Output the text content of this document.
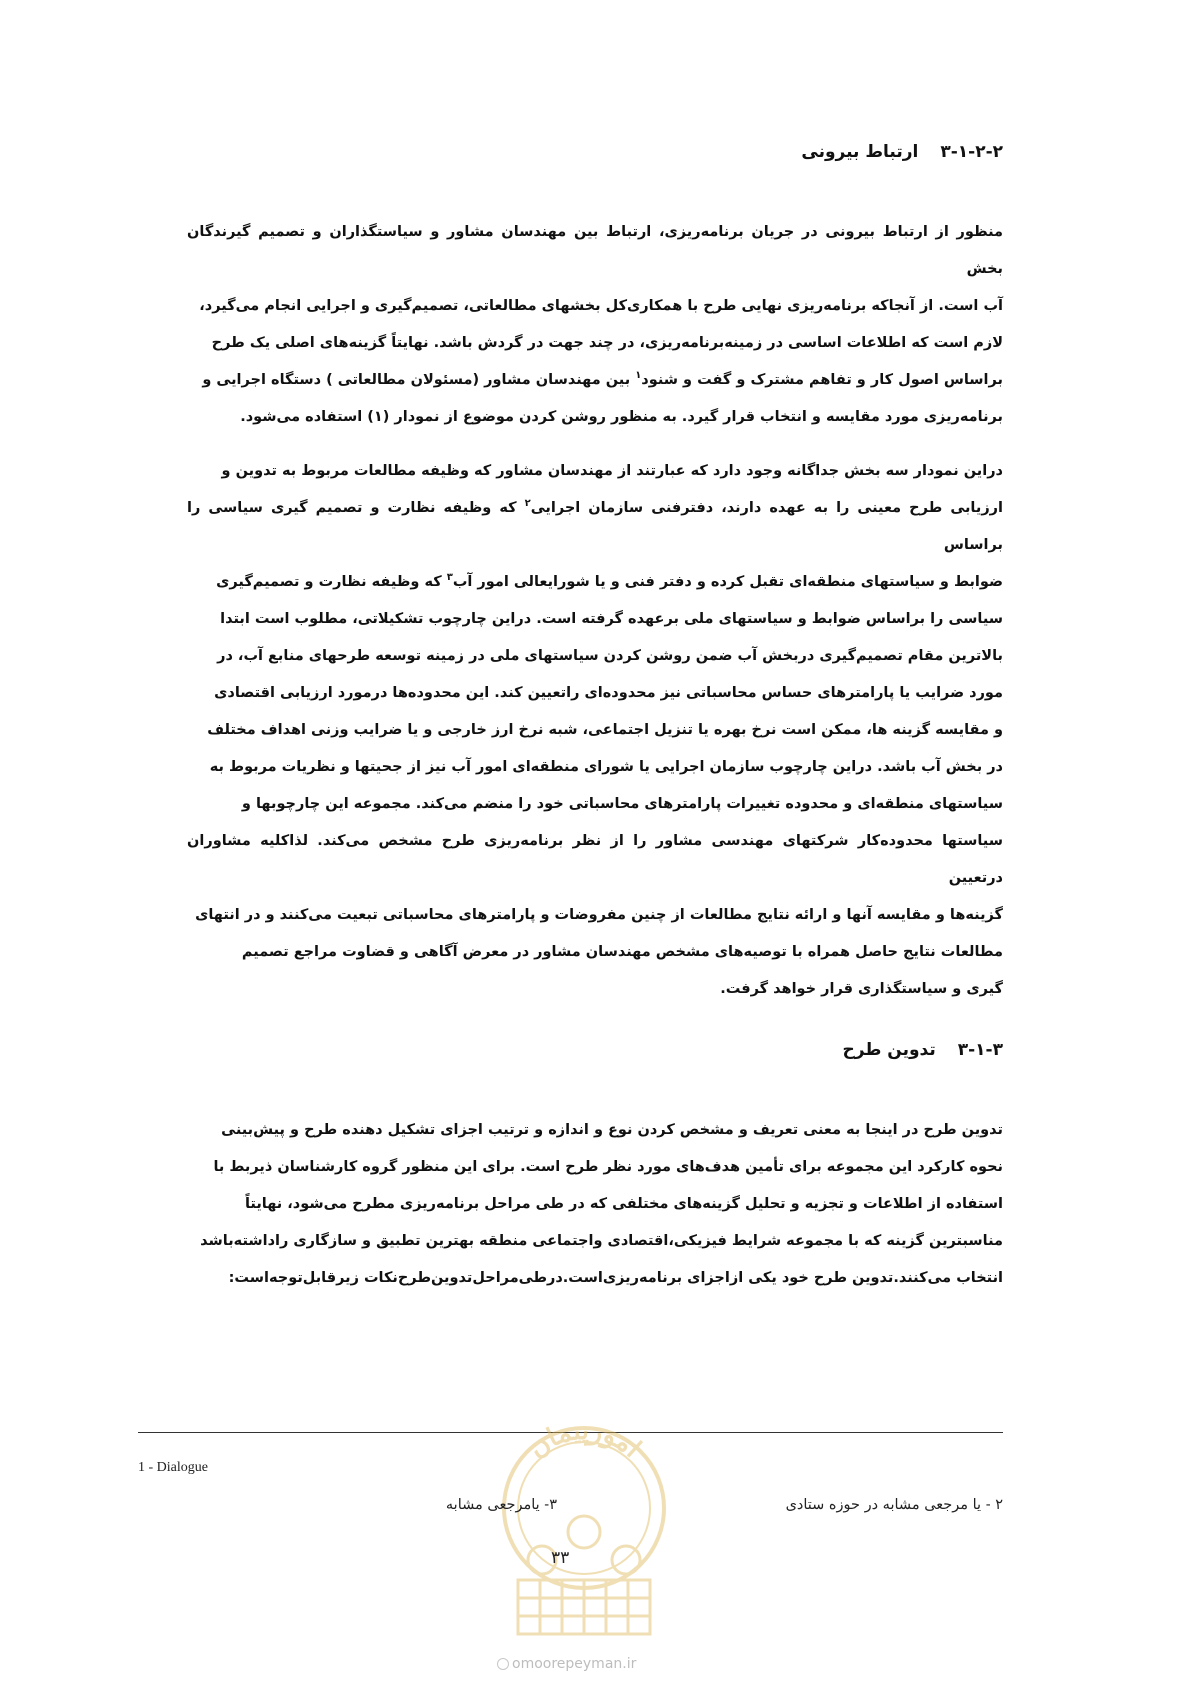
۳-۱-۲-۲ارتباط بیرونی
منظور از ارتباط بیرونی در جریان برنامه‌ریزی، ارتباط بین مهندسان مشاور و سیاستگذاران و تصمیم گیرندگان بخش
آب است. از آنجاکه برنامه‌ریزی نهایی طرح با همکاری‌کل بخشهای مطالعاتی، تصمیم‌گیری و اجرایی انجام می‌گیرد،
لازم است که اطلاعات اساسی در زمینه‌برنامه‌ریزی، در چند جهت در گردش باشد. نهایتاً گزینه‌های اصلی یک طرح
براساس اصول کار و تفاهم مشترک و گفت و شنود$^۱$ بین مهندسان مشاور (مسئولان مطالعاتی ) دستگاه اجرایی و
برنامه‌ریزی مورد مقایسه و انتخاب قرار گیرد. به منظور روشن کردن موضوع از نمودار (۱) استفاده می‌شود.
دراین نمودار سه بخش جداگانه وجود دارد که عبارتند از مهندسان مشاور که وظیفه مطالعات مربوط به تدوین و
ارزیابی طرح معینی را به عهده دارند، دفترفنی سازمان اجرایی$^۲$ که وظیفه نظارت و تصمیم گیری سیاسی را براساس
ضوابط و سیاستهای منطقه‌ای تقبل کرده و دفتر فنی و یا شورایعالی امور آب$^۳$ که وظیفه نظارت و تصمیم‌گیری
سیاسی را براساس ضوابط و سیاستهای ملی برعهده گرفته است. دراین چارچوب تشکیلاتی، مطلوب است ابتدا
بالاترین مقام تصمیم‌گیری دربخش آب ضمن روشن کردن سیاستهای ملی در زمینه توسعه طرحهای منابع آب، در
مورد ضرایب یا پارامترهای حساس محاسباتی نیز محدوده‌ای راتعیین کند. این محدوده‌ها درمورد ارزیابی اقتصادی
و مقایسه گزینه ها، ممکن است نرخ بهره یا تنزیل اجتماعی، شبه نرخ ارز خارجی و یا ضرایب وزنی اهداف مختلف
در بخش آب باشد. دراین چارچوب سازمان اجرایی یا شورای منطقه‌ای امور آب نیز از جحیتها و نظریات مربوط به
سیاستهای منطقه‌ای و محدوده تغییرات پارامترهای محاسباتی خود را منضم می‌کند. مجموعه این چارچوبها و
سیاستها محدوده‌کار شرکتهای مهندسی مشاور را از نظر برنامه‌ریزی طرح مشخص می‌کند. لذاکلیه مشاوران درتعیین
گزینه‌ها و مقایسه آنها و ارائه نتایج مطالعات از چنین مفروضات و پارامترهای محاسباتی تبعیت می‌کنند و در انتهای
مطالعات نتایج حاصل همراه با توصیه‌های مشخص مهندسان مشاور در معرض آگاهی و قضاوت مراجع تصمیم
گیری و سیاستگذاری قرار خواهد گرفت.
۳-۱-۳تدوین طرح
تدوین طرح در اینجا به معنی تعریف و مشخص کردن نوع و اندازه و ترتیب اجزای تشکیل دهنده طرح و پیش‌بینی
نحوه کارکرد این مجموعه برای تأمین هدف‌های مورد نظر طرح است. برای این منظور گروه کارشناسان ذیربط با
استفاده از اطلاعات و تجزیه و تحلیل گزینه‌های مختلفی که در طی مراحل برنامه‌ریزی مطرح می‌شود، نهایتاً
مناسبترین گزینه که با مجموعه شرایط فیزیکی،اقتصادی واجتماعی منطقه بهترین تطبیق و سازگاری راداشته‌باشد
انتخاب می‌کنند.تدوین طرح خود یکی ازاجزای برنامه‌ریزی‌است.درطی‌مراحل‌تدوین‌طرح‌نکات زیرقابل‌توجه‌است:
امورپیمان
1 - Dialogue
۲ - یا مرجعی مشابه در حوزه ستادی
۳- یامرجعی مشابه
۳۳
omoorepeyman.ir
